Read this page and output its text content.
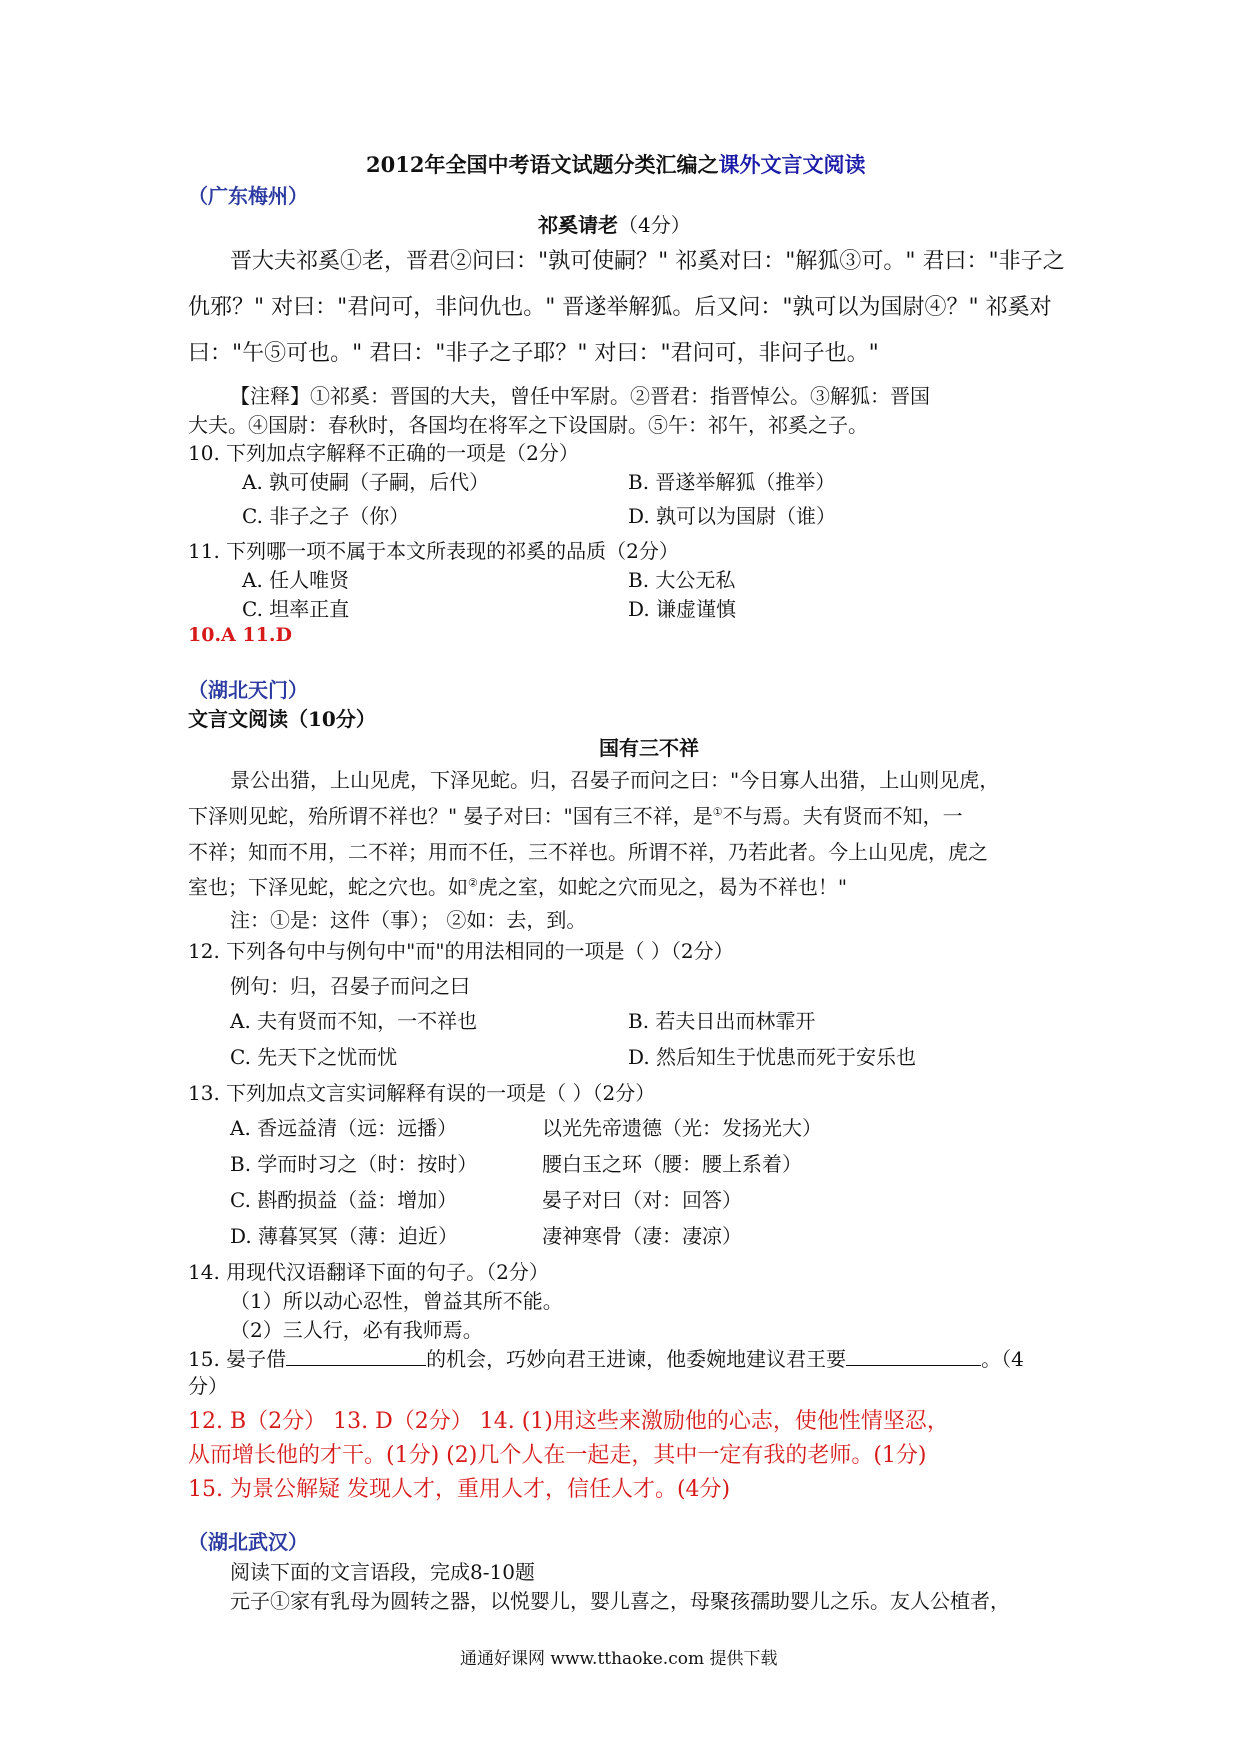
2012年全国中考语文试题分类汇编之课外文言文阅读
（广东梅州）
祁奚请老（4分）
晋大夫祁奚①老，晋君②问曰："孰可使嗣？" 祁奚对曰："解狐③可。" 君曰："非子之
仇邪？" 对曰："君问可，非问仇也。" 晋遂举解狐。后又问："孰可以为国尉④？" 祁奚对
曰："午⑤可也。" 君曰："非子之子耶？" 对曰："君问可，非问子也。"
【注释】①祁奚：晋国的大夫，曾任中军尉。②晋君：指晋悼公。③解狐：晋国
大夫。④国尉：春秋时，各国均在将军之下设国尉。⑤午：祁午，祁奚之子。
10. 下列加点字解释不正确的一项是（2分）
A. 孰可使嗣（子嗣，后代）	B. 晋遂举解狐（推举）
C. 非子之子（你）	D. 孰可以为国尉（谁）
11. 下列哪一项不属于本文所表现的祁奚的品质（2分）
A. 任人唯贤	B. 大公无私
C. 坦率正直	D. 谦虚谨慎
10.A 11.D
（湖北天门）
文言文阅读（10分）
国有三不祥
景公出猎，上山见虎，下泽见蛇。归，召晏子而问之曰："今日寡人出猎，上山则见虎，
下泽则见蛇，殆所谓不祥也？" 晏子对曰："国有三不祥，是①不与焉。夫有贤而不知，一
不祥；知而不用，二不祥；用而不任，三不祥也。所谓不祥，乃若此者。今上山见虎，虎之
室也；下泽见蛇，蛇之穴也。如②虎之室，如蛇之穴而见之，曷为不祥也！"
注：①是：这件（事）； ②如：去，到。
12. 下列各句中与例句中"而"的用法相同的一项是（ ）（2分）
例句：归，召晏子而问之曰
A. 夫有贤而不知，一不祥也	B. 若夫日出而林霏开
C. 先天下之忧而忧	D. 然后知生于忧患而死于安乐也
13. 下列加点文言实词解释有误的一项是（ ）（2分）
A. 香远益清（远：远播）	以光先帝遗德（光：发扬光大）
B. 学而时习之（时：按时）	腰白玉之环（腰：腰上系着）
C. 斟酌损益（益：增加）	晏子对曰（对：回答）
D. 薄暮冥冥（薄：迫近）	凄神寒骨（凄：凄凉）
14. 用现代汉语翻译下面的句子。（2分）
（1）所以动心忍性，曾益其所不能。
（2）三人行，必有我师焉。
15. 晏子借	的机会，巧妙向君王进谏，他委婉地建议君王要	。（4
分）
12. B（2分） 13. D（2分） 14. (1)用这些来激励他的心志，使他性情坚忍，
从而增长他的才干。(1分) (2)几个人在一起走，其中一定有我的老师。(1分)
15. 为景公解疑 发现人才，重用人才，信任人才。(4分)
（湖北武汉）
阅读下面的文言语段，完成8-10题
元子①家有乳母为圆转之器，以悦婴儿，婴儿喜之，母聚孩孺助婴儿之乐。友人公植者，
通通好课网 www.tthaoke.com 提供下载
